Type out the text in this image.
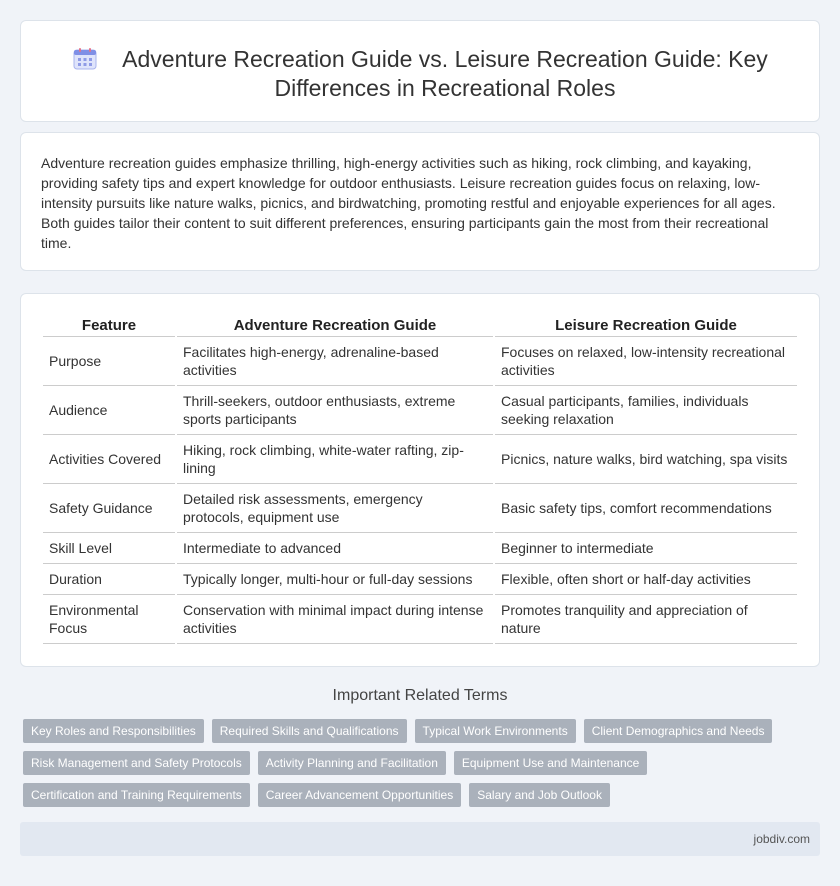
Adventure Recreation Guide vs. Leisure Recreation Guide: Key Differences in Recreational Roles

Adventure recreation guides emphasize thrilling, high-energy activities such as hiking, rock climbing, and kayaking, providing safety tips and expert knowledge for outdoor enthusiasts. Leisure recreation guides focus on relaxing, low-intensity pursuits like nature walks, picnics, and birdwatching, promoting restful and enjoyable experiences for all ages. Both guides tailor their content to suit different preferences, ensuring participants gain the most from their recreational time.

Feature	Adventure Recreation Guide	Leisure Recreation Guide
Purpose	Facilitates high-energy, adrenaline-based activities	Focuses on relaxed, low-intensity recreational activities
Audience	Thrill-seekers, outdoor enthusiasts, extreme sports participants	Casual participants, families, individuals seeking relaxation
Activities Covered	Hiking, rock climbing, white-water rafting, zip-lining	Picnics, nature walks, bird watching, spa visits
Safety Guidance	Detailed risk assessments, emergency protocols, equipment use	Basic safety tips, comfort recommendations
Skill Level	Intermediate to advanced	Beginner to intermediate
Duration	Typically longer, multi-hour or full-day sessions	Flexible, often short or half-day activities
Environmental Focus	Conservation with minimal impact during intense activities	Promotes tranquility and appreciation of nature
Important Related Terms
Key Roles and Responsibilities	Required Skills and Qualifications	Typical Work Environments	Client Demographics and Needs
Risk Management and Safety Protocols	Activity Planning and Facilitation	Equipment Use and Maintenance
Certification and Training Requirements	Career Advancement Opportunities	Salary and Job Outlook
jobdiv.com
